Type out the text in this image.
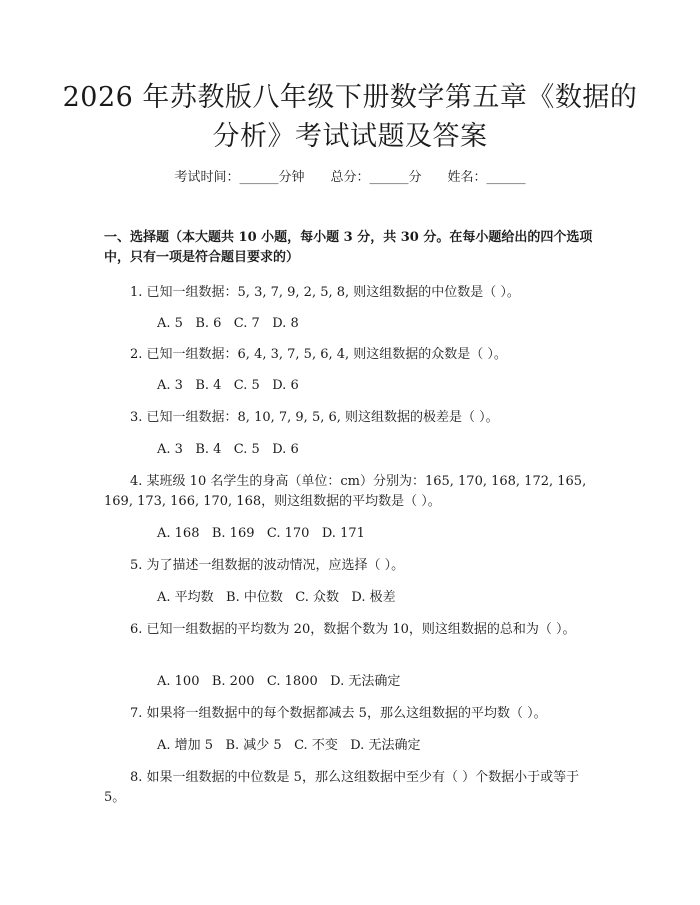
2026 年苏教版八年级下册数学第五章《数据的分析》考试试题及答案
考试时间：______分钟　　总分：______分　　姓名：______
一、选择题（本大题共 10 小题，每小题 3 分，共 30 分。在每小题给出的四个选项中，只有一项是符合题目要求的）
1. 已知一组数据：5, 3, 7, 9, 2, 5, 8, 则这组数据的中位数是（ ）。
A. 5   B. 6   C. 7   D. 8
2. 已知一组数据：6, 4, 3, 7, 5, 6, 4, 则这组数据的众数是（ ）。
A. 3   B. 4   C. 5   D. 6
3. 已知一组数据：8, 10, 7, 9, 5, 6, 则这组数据的极差是（ ）。
A. 3   B. 4   C. 5   D. 6
4. 某班级 10 名学生的身高（单位：cm）分别为：165, 170, 168, 172, 165, 169, 173, 166, 170, 168，则这组数据的平均数是（ ）。
A. 168   B. 169   C. 170   D. 171
5. 为了描述一组数据的波动情况，应选择（ ）。
A. 平均数   B. 中位数   C. 众数   D. 极差
6. 已知一组数据的平均数为 20，数据个数为 10，则这组数据的总和为（ ）。
A. 100   B. 200   C. 1800   D. 无法确定
7. 如果将一组数据中的每个数据都减去 5，那么这组数据的平均数（ ）。
A. 增加 5   B. 减少 5   C. 不变   D. 无法确定
8. 如果一组数据的中位数是 5，那么这组数据中至少有（ ）个数据小于或等于 5。
